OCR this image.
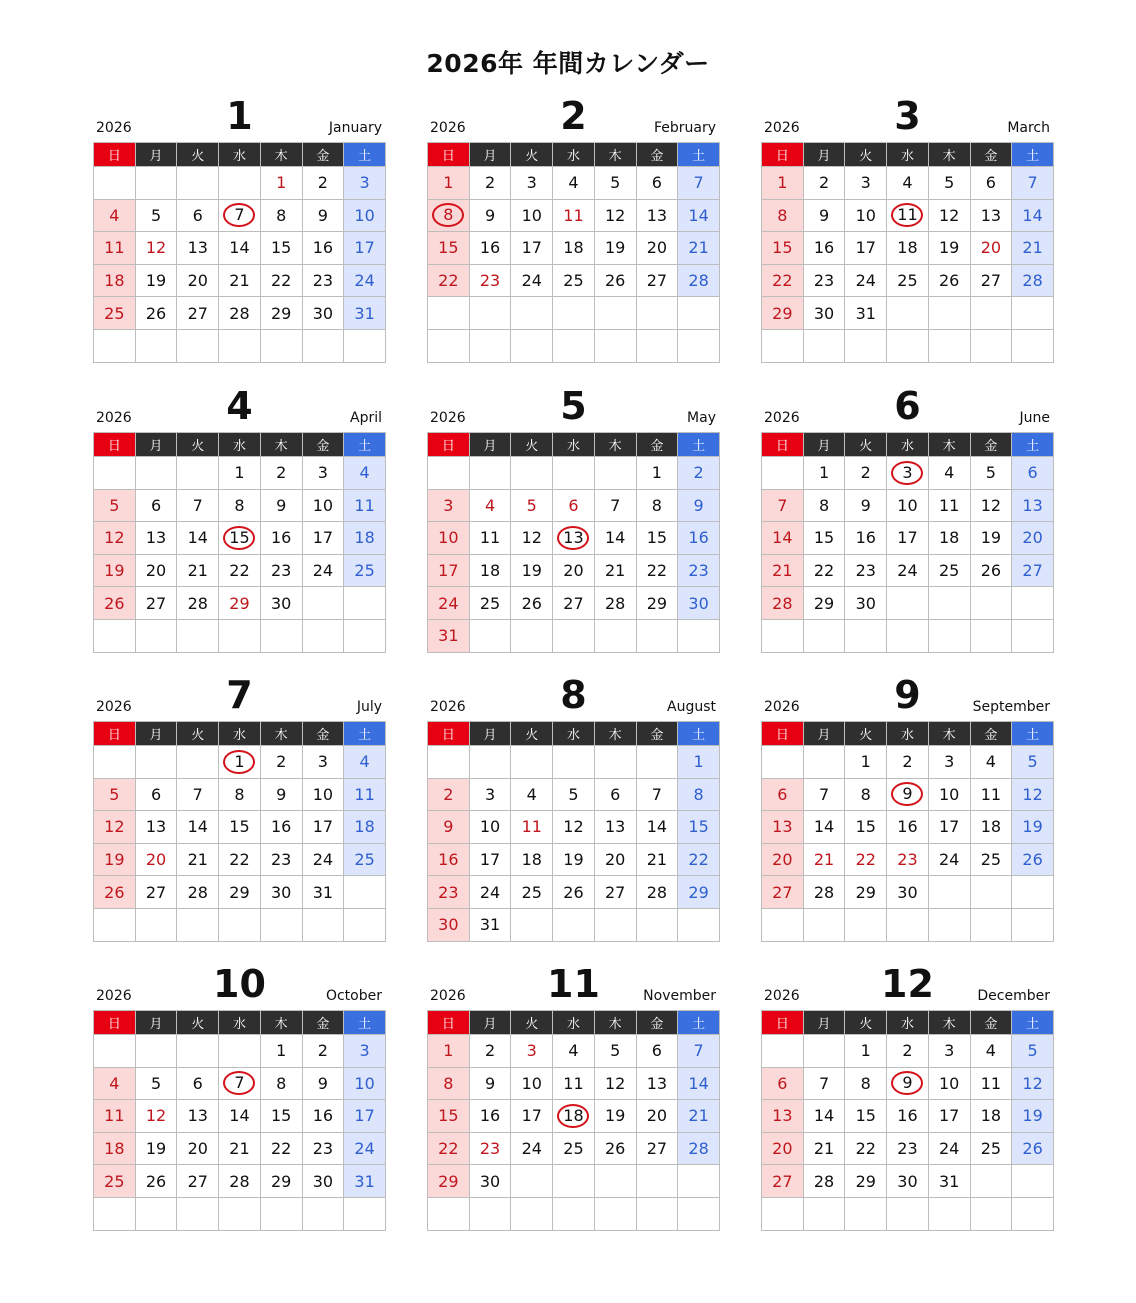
2026年 年間カレンダー
2026	1	January
日	月	火	水	木	金	土
				1	2	3
4	5	6	7	8	9	10
11	12	13	14	15	16	17
18	19	20	21	22	23	24
25	26	27	28	29	30	31

2026	2	February
日	月	火	水	木	金	土
1	2	3	4	5	6	7
8	9	10	11	12	13	14
15	16	17	18	19	20	21
22	23	24	25	26	27	28

2026	3	March
日	月	火	水	木	金	土
1	2	3	4	5	6	7
8	9	10	11	12	13	14
15	16	17	18	19	20	21
22	23	24	25	26	27	28
29	30	31				

2026	4	April
日	月	火	水	木	金	土
			1	2	3	4
5	6	7	8	9	10	11
12	13	14	15	16	17	18
19	20	21	22	23	24	25
26	27	28	29	30		

2026	5	May
日	月	火	水	木	金	土
					1	2
3	4	5	6	7	8	9
10	11	12	13	14	15	16
17	18	19	20	21	22	23
24	25	26	27	28	29	30
31						
2026	6	June
日	月	火	水	木	金	土
	1	2	3	4	5	6
7	8	9	10	11	12	13
14	15	16	17	18	19	20
21	22	23	24	25	26	27
28	29	30				

2026	7	July
日	月	火	水	木	金	土
			1	2	3	4
5	6	7	8	9	10	11
12	13	14	15	16	17	18
19	20	21	22	23	24	25
26	27	28	29	30	31	

2026	8	August
日	月	火	水	木	金	土
						1
2	3	4	5	6	7	8
9	10	11	12	13	14	15
16	17	18	19	20	21	22
23	24	25	26	27	28	29
30	31					
2026	9	September
日	月	火	水	木	金	土
		1	2	3	4	5
6	7	8	9	10	11	12
13	14	15	16	17	18	19
20	21	22	23	24	25	26
27	28	29	30			

2026	10	October
日	月	火	水	木	金	土
				1	2	3
4	5	6	7	8	9	10
11	12	13	14	15	16	17
18	19	20	21	22	23	24
25	26	27	28	29	30	31

2026	11	November
日	月	火	水	木	金	土
1	2	3	4	5	6	7
8	9	10	11	12	13	14
15	16	17	18	19	20	21
22	23	24	25	26	27	28
29	30					

2026	12	December
日	月	火	水	木	金	土
		1	2	3	4	5
6	7	8	9	10	11	12
13	14	15	16	17	18	19
20	21	22	23	24	25	26
27	28	29	30	31		
